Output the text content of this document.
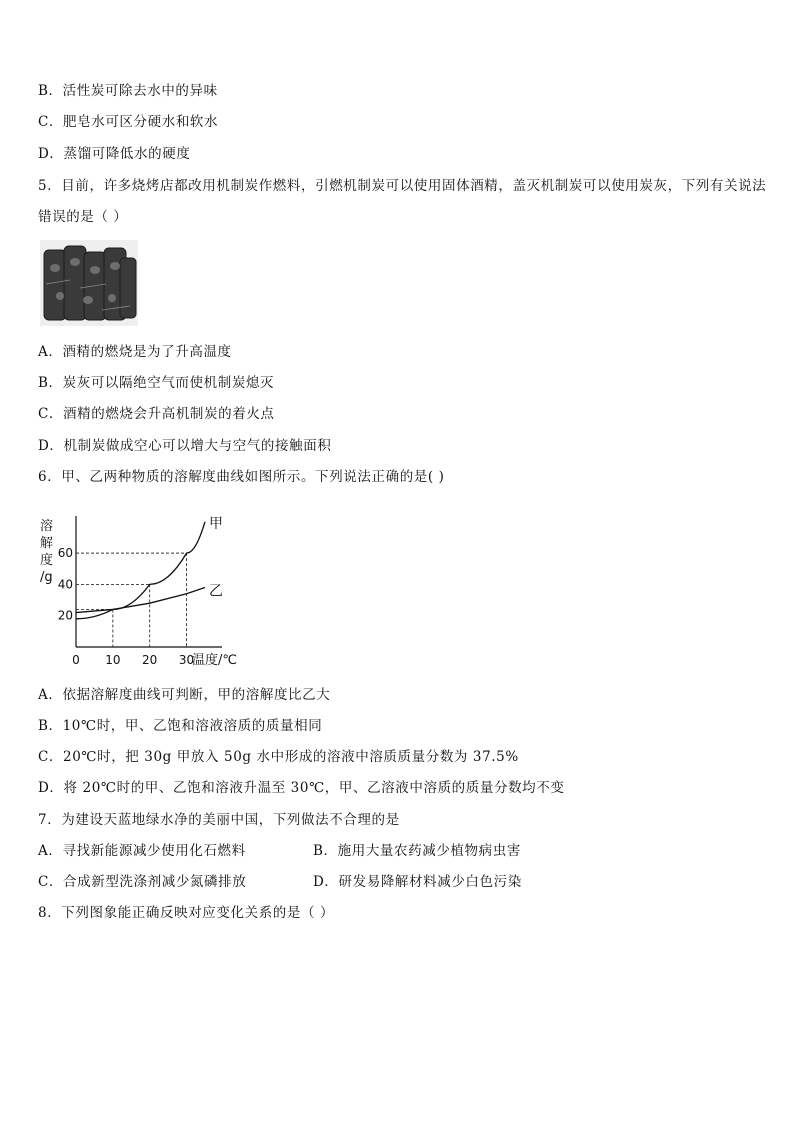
B．活性炭可除去水中的异味
C．肥皂水可区分硬水和软水
D．蒸馏可降低水的硬度
5．目前，许多烧烤店都改用机制炭作燃料，引燃机制炭可以使用固体酒精，盖灭机制炭可以使用炭灰，下列有关说法
错误的是（ ）
A．酒精的燃烧是为了升高温度
B．炭灰可以隔绝空气而使机制炭熄灭
C．酒精的燃烧会升高机制炭的着火点
D．机制炭做成空心可以增大与空气的接触面积
6．甲、乙两种物质的溶解度曲线如图所示。下列说法正确的是( )
溶
解
度
/g
20
40
60
0 10 20 30
温度/℃
甲
乙
A．依据溶解度曲线可判断，甲的溶解度比乙大
B．10℃时，甲、乙饱和溶液溶质的质量相同
C．20℃时，把 30g 甲放入 50g 水中形成的溶液中溶质质量分数为 37.5%
D．将 20℃时的甲、乙饱和溶液升温至 30℃，甲、乙溶液中溶质的质量分数均不变
7．为建设天蓝地绿水净的美丽中国，下列做法不合理的是
A．寻找新能源减少使用化石燃料	B．施用大量农药减少植物病虫害
C．合成新型洗涤剂减少氮磷排放	D．研发易降解材料减少白色污染
8．下列图象能正确反映对应变化关系的是（ ）
